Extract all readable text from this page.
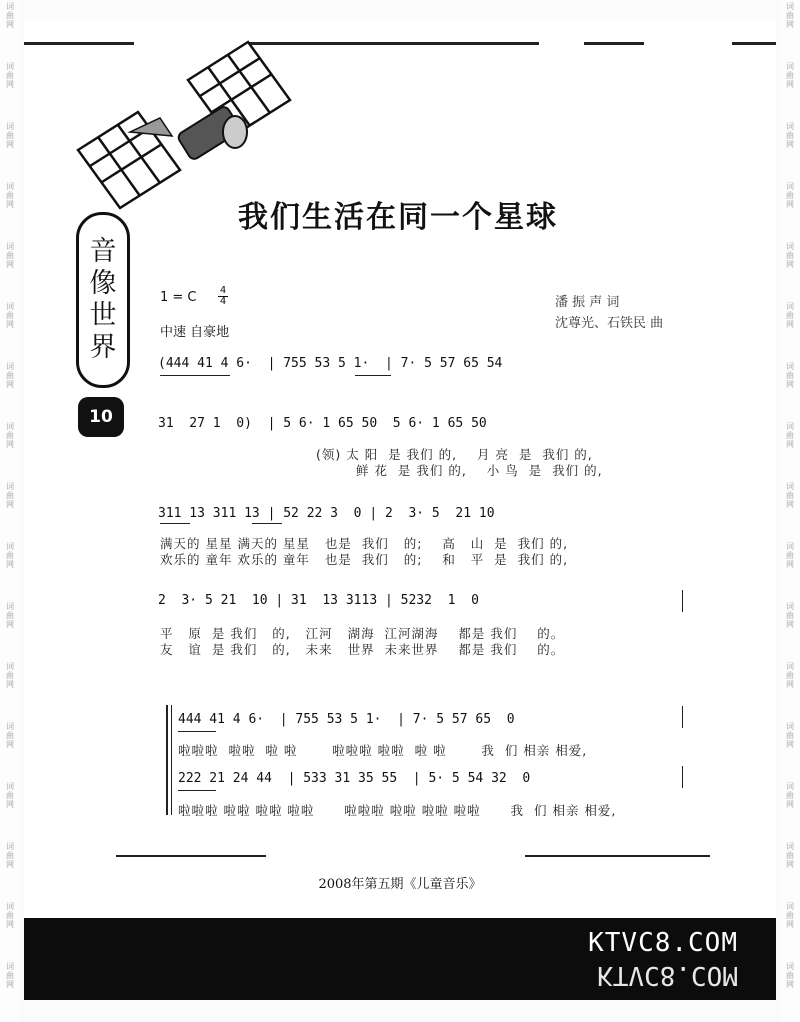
词
曲
网
词
曲
网
词
曲
网
词
曲
网
词
曲
网
词
曲
网
词
曲
网
词
曲
网
词
曲
网
词
曲
网
词
曲
网
词
曲
网
词
曲
网
词
曲
网
词
曲
网
词
曲
网
词
曲
网
词
曲
网
词
曲
网
词
曲
网
词
曲
网
词
曲
网
词
曲
网
词
曲
网
词
曲
网
词
曲
网
词
曲
网
词
曲
网
词
曲
网
词
曲
网
词
曲
网
词
曲
网
词
曲
网
词
曲
网
音
像
世
界
10
我们生活在同一个星球
1 = C $\frac{4}{4}$
中速 自豪地
潘 振 声 词
沈尊光、石铁民 曲
(444 41 4 6·  | 755 53 5 1·  | 7· 5 57 65 54
31  27 1  0)  | 5 6· 1 65 50  5 6· 1 65 50
(领) 太 阳  是 我们 的,    月 亮  是  我们 的,
鲜 花  是 我们 的,    小 鸟  是  我们 的,
311 13 311 13 | 52 22 3  0 | 2  3· 5  21 10
满天的 星星 满天的 星星   也是  我们   的;    高   山  是  我们 的,
欢乐的 童年 欢乐的 童年   也是  我们   的;    和   平  是  我们 的,
2  3· 5 21  10 | 31  13 3113 | 5232  1  0
平   原  是 我们   的,   江河   湖海  江河湖海    都是 我们    的。
友   谊  是 我们   的,   未来   世界  未来世界    都是 我们    的。
444 41 4 6·  | 755 53 5 1·  | 7· 5 57 65  0
啦啦啦  啦啦  啦 啦       啦啦啦 啦啦  啦 啦       我  们 相亲 相爱,
222 21 24 44  | 533 31 35 55  | 5· 5 54 32  0
啦啦啦 啦啦 啦啦 啦啦      啦啦啦 啦啦 啦啦 啦啦      我  们 相亲 相爱,
2008年第五期《儿童音乐》
KTVC8.COM
KTVC8.COM
